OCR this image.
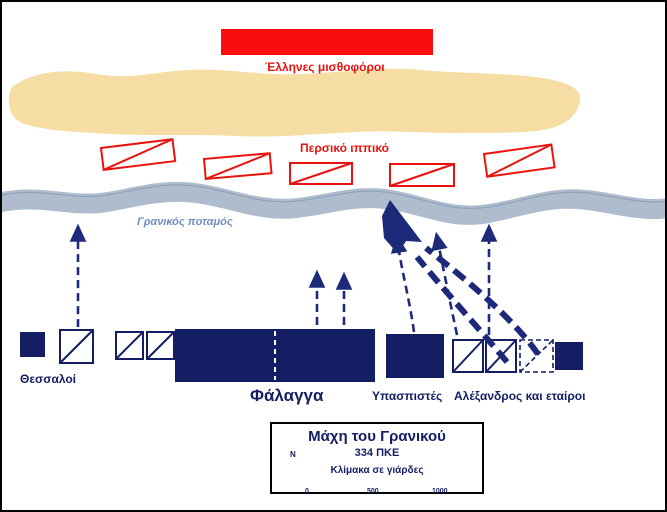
Έλληνες μισθοφόροι
Περσικό ιππικό
Γρανικός ποταμός
Θεσσαλοί
Φάλαγγα	Υπασπιστές Αλέξανδρος και εταίροι
Μάχη του Γρανικού
334 ΠΚΕ
Κλίμακα σε γιάρδες
Ν
0	500	1000
